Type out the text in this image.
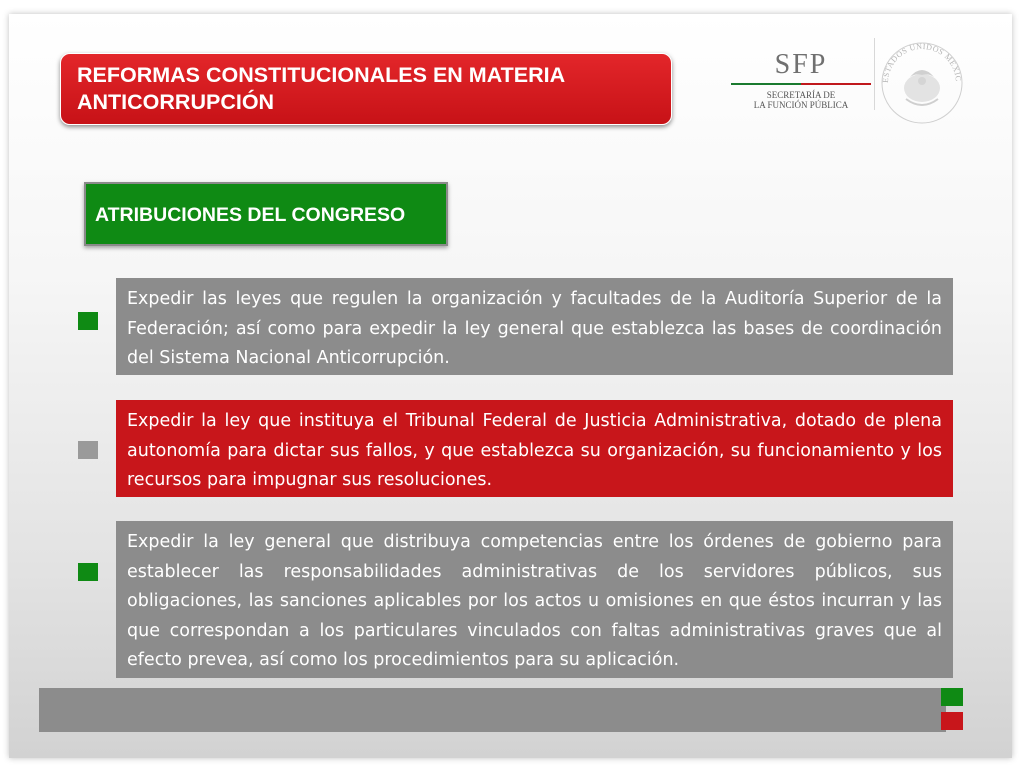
REFORMAS CONSTITUCIONALES EN MATERIA
ANTICORRUPCIÓN
SFP
SECRETARÍA DE
LA FUNCIÓN PÚBLICA
ESTADOS UNIDOS MEXIC
ATRIBUCIONES DEL CONGRESO
Expedir las leyes que regulen la organización y facultades de la Auditoría Superior de la Federación; así como para expedir la ley general que establezca las bases de coordinación del Sistema Nacional Anticorrupción.
Expedir la ley que instituya el Tribunal Federal de Justicia Administrativa, dotado de plena autonomía para dictar sus fallos, y que establezca su organización, su funcionamiento y los recursos para impugnar sus resoluciones.
Expedir la ley general que distribuya competencias entre los órdenes de gobierno para establecer las responsabilidades administrativas de los servidores públicos, sus obligaciones, las sanciones aplicables por los actos u omisiones en que éstos incurran y las que correspondan a los particulares vinculados con faltas administrativas graves que al efecto prevea, así como los procedimientos para su aplicación.
